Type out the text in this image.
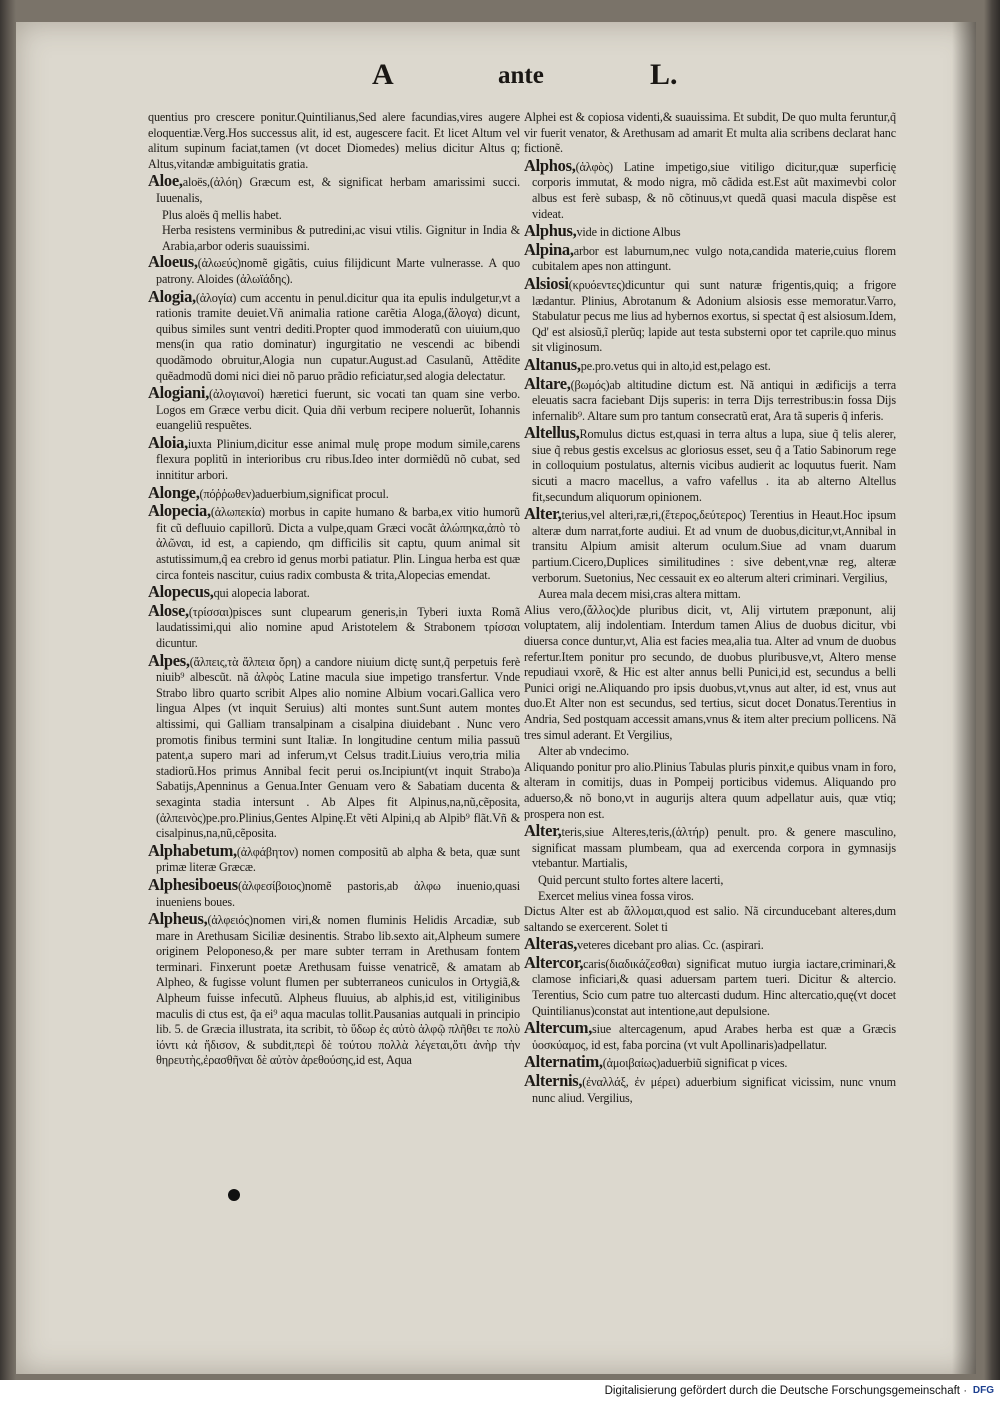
A	ante	L.

quentius pro crescere ponitur.Quintilianus,Sed alere facundias,vires augere eloquentiæ.Verg.Hos successus alit, id est, augescere facit. Et licet Altum vel alitum supinum faciat,tamen (vt docet Diomedes) melius dicitur Altus q; Altus,vitandæ ambiguitatis gratia.

Aloe,aloës,(ἀλόη) Græcum est, & significat herbam amarissimi succi. Iuuenalis,

Plus aloës q̃ mellis habet.

Herba resistens verminibus & putredini,ac visui vtilis. Gignitur in India & Arabia,arbor oderis suauissimi.

Aloeus,(ἀλωεύς)nomẽ gigãtis, cuius filijdicunt Marte vulnerasse. A quo patrony. Aloides (ἀλωϊάδης).

Alogia,(ἀλογία) cum accentu in penul.dicitur qua ita epulis indulgetur,vt a rationis tramite deuiet.Vñ animalia ratione carẽtia Aloga,(ἄλογα) dicunt, quibus similes sunt ventri dediti.Propter quod immoderatũ con uiuium,quo mens(in qua ratio dominatur) ingurgitatio ne vescendi ac bibendi quodãmodo obruitur,Alogia nun cupatur.August.ad Casulanũ, Attẽdite quẽadmodũ domi nici diei nõ paruo prãdio reficiatur,sed alogia delectatur.

Alogiani,(ἀλογιανοί) hæretici fuerunt, sic vocati tan quam sine verbo. Logos em Græce verbu dicit. Quia dñi verbum recipere noluerũt, Iohannis euangeliũ respuẽtes.

Aloia,iuxta Plinium,dicitur esse animal mulę prope modum simile,carens flexura poplitũ in interioribus cru ribus.Ideo inter dormiẽdũ nõ cubat, sed innititur arbori.

Alonge,(πόῤῥωθεν)aduerbium,significat procul.

Alopecia,(ἀλωπεκία) morbus in capite humano & barba,ex vitio humorũ fit cũ defluuio capillorũ. Dicta a vulpe,quam Græci vocãt ἀλώπηκα,ἀπὸ τὸ ἀλῶναι, id est, a capiendo, qm difficilis sit captu, quum animal sit astutissimum,q̃ ea crebro id genus morbi patiatur. Plin. Lingua herba est quæ circa fonteis nascitur, cuius radix combusta & trita,Alopecias emendat.

Alopecus,qui alopecia laborat.

Alose,(τρίσσαι)pisces sunt clupearum generis,in Tyberi iuxta Romã laudatissimi,qui alio nomine apud Aristotelem & Strabonem τρίσσαι dicuntur.

Alpes,(ἄλπεις,τὰ ἄλπεια ὄρη) a candore niuium dictę sunt,q̃ perpetuis ferè niuib⁹ albescũt. nã ἀλφὸς Latine macula siue impetigo transfertur. Vnde Strabo libro quarto scribit Alpes alio nomine Albium vocari.Gallica vero lingua Alpes (vt inquit Seruius) alti montes sunt.Sunt autem montes altissimi, qui Galliam transalpinam a cisalpina diuidebant . Nunc vero promotis finibus termini sunt Italiæ. In longitudine centum milia passuũ patent,a supero mari ad inferum,vt Celsus tradit.Liuius vero,tria milia stadiorũ.Hos primus Annibal fecit perui os.Incipiunt(vt inquit Strabo)a Sabatijs,Apenninus a Genua.Inter Genuam vero & Sabatiam ducenta & sexaginta stadia intersunt . Ab Alpes fit Alpinus,na,nũ,cẽposita, (ἀλπεινὸς)pe.pro.Plinius,Gentes Alpinę.Et vẽti Alpini,q ab Alpib⁹ flãt.Vñ & cisalpinus,na,nũ,cẽposita.

Alphabetum,(ἀλφάβητον) nomen compositũ ab alpha & beta, quæ sunt primæ literæ Græcæ.

Alphesiboeus(ἀλφεσίβοιος)nomẽ pastoris,ab ἀλφω inuenio,quasi inueniens boues.

Alpheus,(ἀλφειός)nomen viri,& nomen fluminis Helidis Arcadiæ, sub mare in Arethusam Siciliæ desinentis. Strabo lib.sexto ait,Alpheum sumere originem Peloponeso,& per mare subter terram in Arethusam fontem terminari. Finxerunt poetæ Arethusam fuisse venatricẽ, & amatam ab Alpheo, & fugisse volunt flumen per subterraneos cuniculos in Ortygiã,& Alpheum fuisse infecutũ. Alpheus fluuius, ab alphis,id est, vitiliginibus maculis di ctus est, q̃a ei⁹ aqua maculas tollit.Pausanias autquali in principio lib. 5. de Græcia illustrata, ita scribit, τὸ ὕδωρ ἐς αὐτὸ ἀλφῷ πλῆθει τε πολὺ ἰόντι κἀ ἥδισον, & subdit,περὶ δὲ τούτου πολλὰ λέγεται,ὅτι ἀνὴρ τὴν θηρευτὴς,ἐρασθῆναι δὲ αὐτὸν ἀρεθούσης,id est, Aqua

Alphei est & copiosa videnti,& suauissima. Et subdit, De quo multa feruntur,q̃ vir fuerit venator, & Arethusam ad amarit Et multa alia scribens declarat hanc fictionẽ.

Alphos,(ἀλφὸς) Latine impetigo,siue vitiligo dicitur,quæ superficię corporis immutat, & modo nigra, mõ cãdida est.Est aũt maximevbi color albus est ferè subasp, & nõ cõtinuus,vt quedã quasi macula dispẽse est videat.

Alphus,vide in dictione Albus

Alpina,arbor est laburnum,nec vulgo nota,candida materie,cuius florem cubitalem apes non attingunt.

Alsiosi(κρυόεντες)dicuntur qui sunt naturæ frigentis,quiq; a frigore lædantur. Plinius, Abrotanum & Adonium alsiosis esse memoratur.Varro, Stabulatur pecus me lius ad hybernos exortus, si spectat q̃ est alsiosum.Idem, Qd' est alsiosũ,ĩ plerũq; lapide aut testa substerni opor tet caprile.quo minus sit vliginosum.

Altanus,pe.pro.vetus qui in alto,id est,pelago est.

Altare,(βωμός)ab altitudine dictum est. Nã antiqui in ædificijs a terra eleuatis sacra faciebant Dijs superis: in terra Dijs terrestribus:in fossa Dijs infernalib⁹. Altare sum pro tantum consecratũ erat, Ara tã superis q̃ inferis.

Altellus,Romulus dictus est,quasi in terra altus a lupa, siue q̃ telis alerer, siue q̃ rebus gestis excelsus ac gloriosus esset, seu q̃ a Tatio Sabinorum rege in colloquium postulatus, alternis vicibus audierit ac loquutus fuerit. Nam sicuti a macro macellus, a vafro vafellus . ita ab alterno Altellus fit,secundum aliquorum opinionem.

Alter,terius,vel alteri,ræ,ri,(ἕτερος,δεύτερος) Terentius in Heaut.Hoc ipsum alteræ dum narrat,forte audiui. Et ad vnum de duobus,dicitur,vt,Annibal in transitu Alpium amisit alterum oculum.Siue ad vnam duarum partium.Cicero,Duplices similitudines : sive debent,vnæ reg, alteræ verborum. Suetonius, Nec cessauit ex eo alterum alteri criminari. Vergilius,

Aurea mala decem misi,cras altera mittam.

Alius vero,(ἄλλος)de pluribus dicit, vt, Alij virtutem præponunt, alij voluptatem, alij indolentiam. Interdum tamen Alius de duobus dicitur, vbi diuersa conce duntur,vt, Alia est facies mea,alia tua. Alter ad vnum de duobus refertur.Item ponitur pro secundo, de duobus pluribusve,vt, Altero mense repudiaui vxorẽ, & Hic est alter annus belli Punici,id est, secundus a belli Punici origi ne.Aliquando pro ipsis duobus,vt,vnus aut alter, id est, vnus aut duo.Et Alter non est secundus, sed tertius, sicut docet Donatus.Terentius in Andria, Sed postquam accessit amans,vnus & item alter precium pollicens. Nã tres simul aderant. Et Vergilius,

Alter ab vndecimo.

Aliquando ponitur pro alio.Plinius Tabulas pluris pinxit,e quibus vnam in foro, alteram in comitijs, duas in Pompeij porticibus videmus. Aliquando pro aduerso,& nõ bono,vt in augurijs altera quum adpellatur auis, quæ vtiq; prospera non est.

Alter,teris,siue Alteres,teris,(ἁλτήρ) penult. pro. & genere masculino, significat massam plumbeam, qua ad exercenda corpora in gymnasijs vtebantur. Martialis,

Quid percunt stulto fortes altere lacerti,

Exercet melius vinea fossa viros.

Dictus Alter est ab ἅλλομαι,quod est salio. Nã circunducebant alteres,dum saltando se exercerent. Solet ti

Alteras,veteres dicebant pro alias. Cc. (aspirari.

Altercor,caris(διαδικάζεσθαι) significat mutuo iurgia iactare,criminari,& clamose inficiari,& quasi aduersam partem tueri. Dicitur & altercio. Terentius, Scio cum patre tuo altercasti dudum. Hinc altercatio,quę(vt docet Quintilianus)constat aut intentione,aut depulsione.

Altercum,siue altercagenum, apud Arabes herba est quæ a Græcis ὑοσκύαμος, id est, faba porcina (vt vult Apollinaris)adpellatur.

Alternatim,(ἀμοιβαίως)aduerbiũ significat p vices.

Alternis,(ἐναλλάξ, ἐν μέρει) aduerbium significat vicissim, nunc vnum nunc aliud. Vergilius,

Digitalisierung gefördert durch die Deutsche Forschungsgemeinschaft · DFG
